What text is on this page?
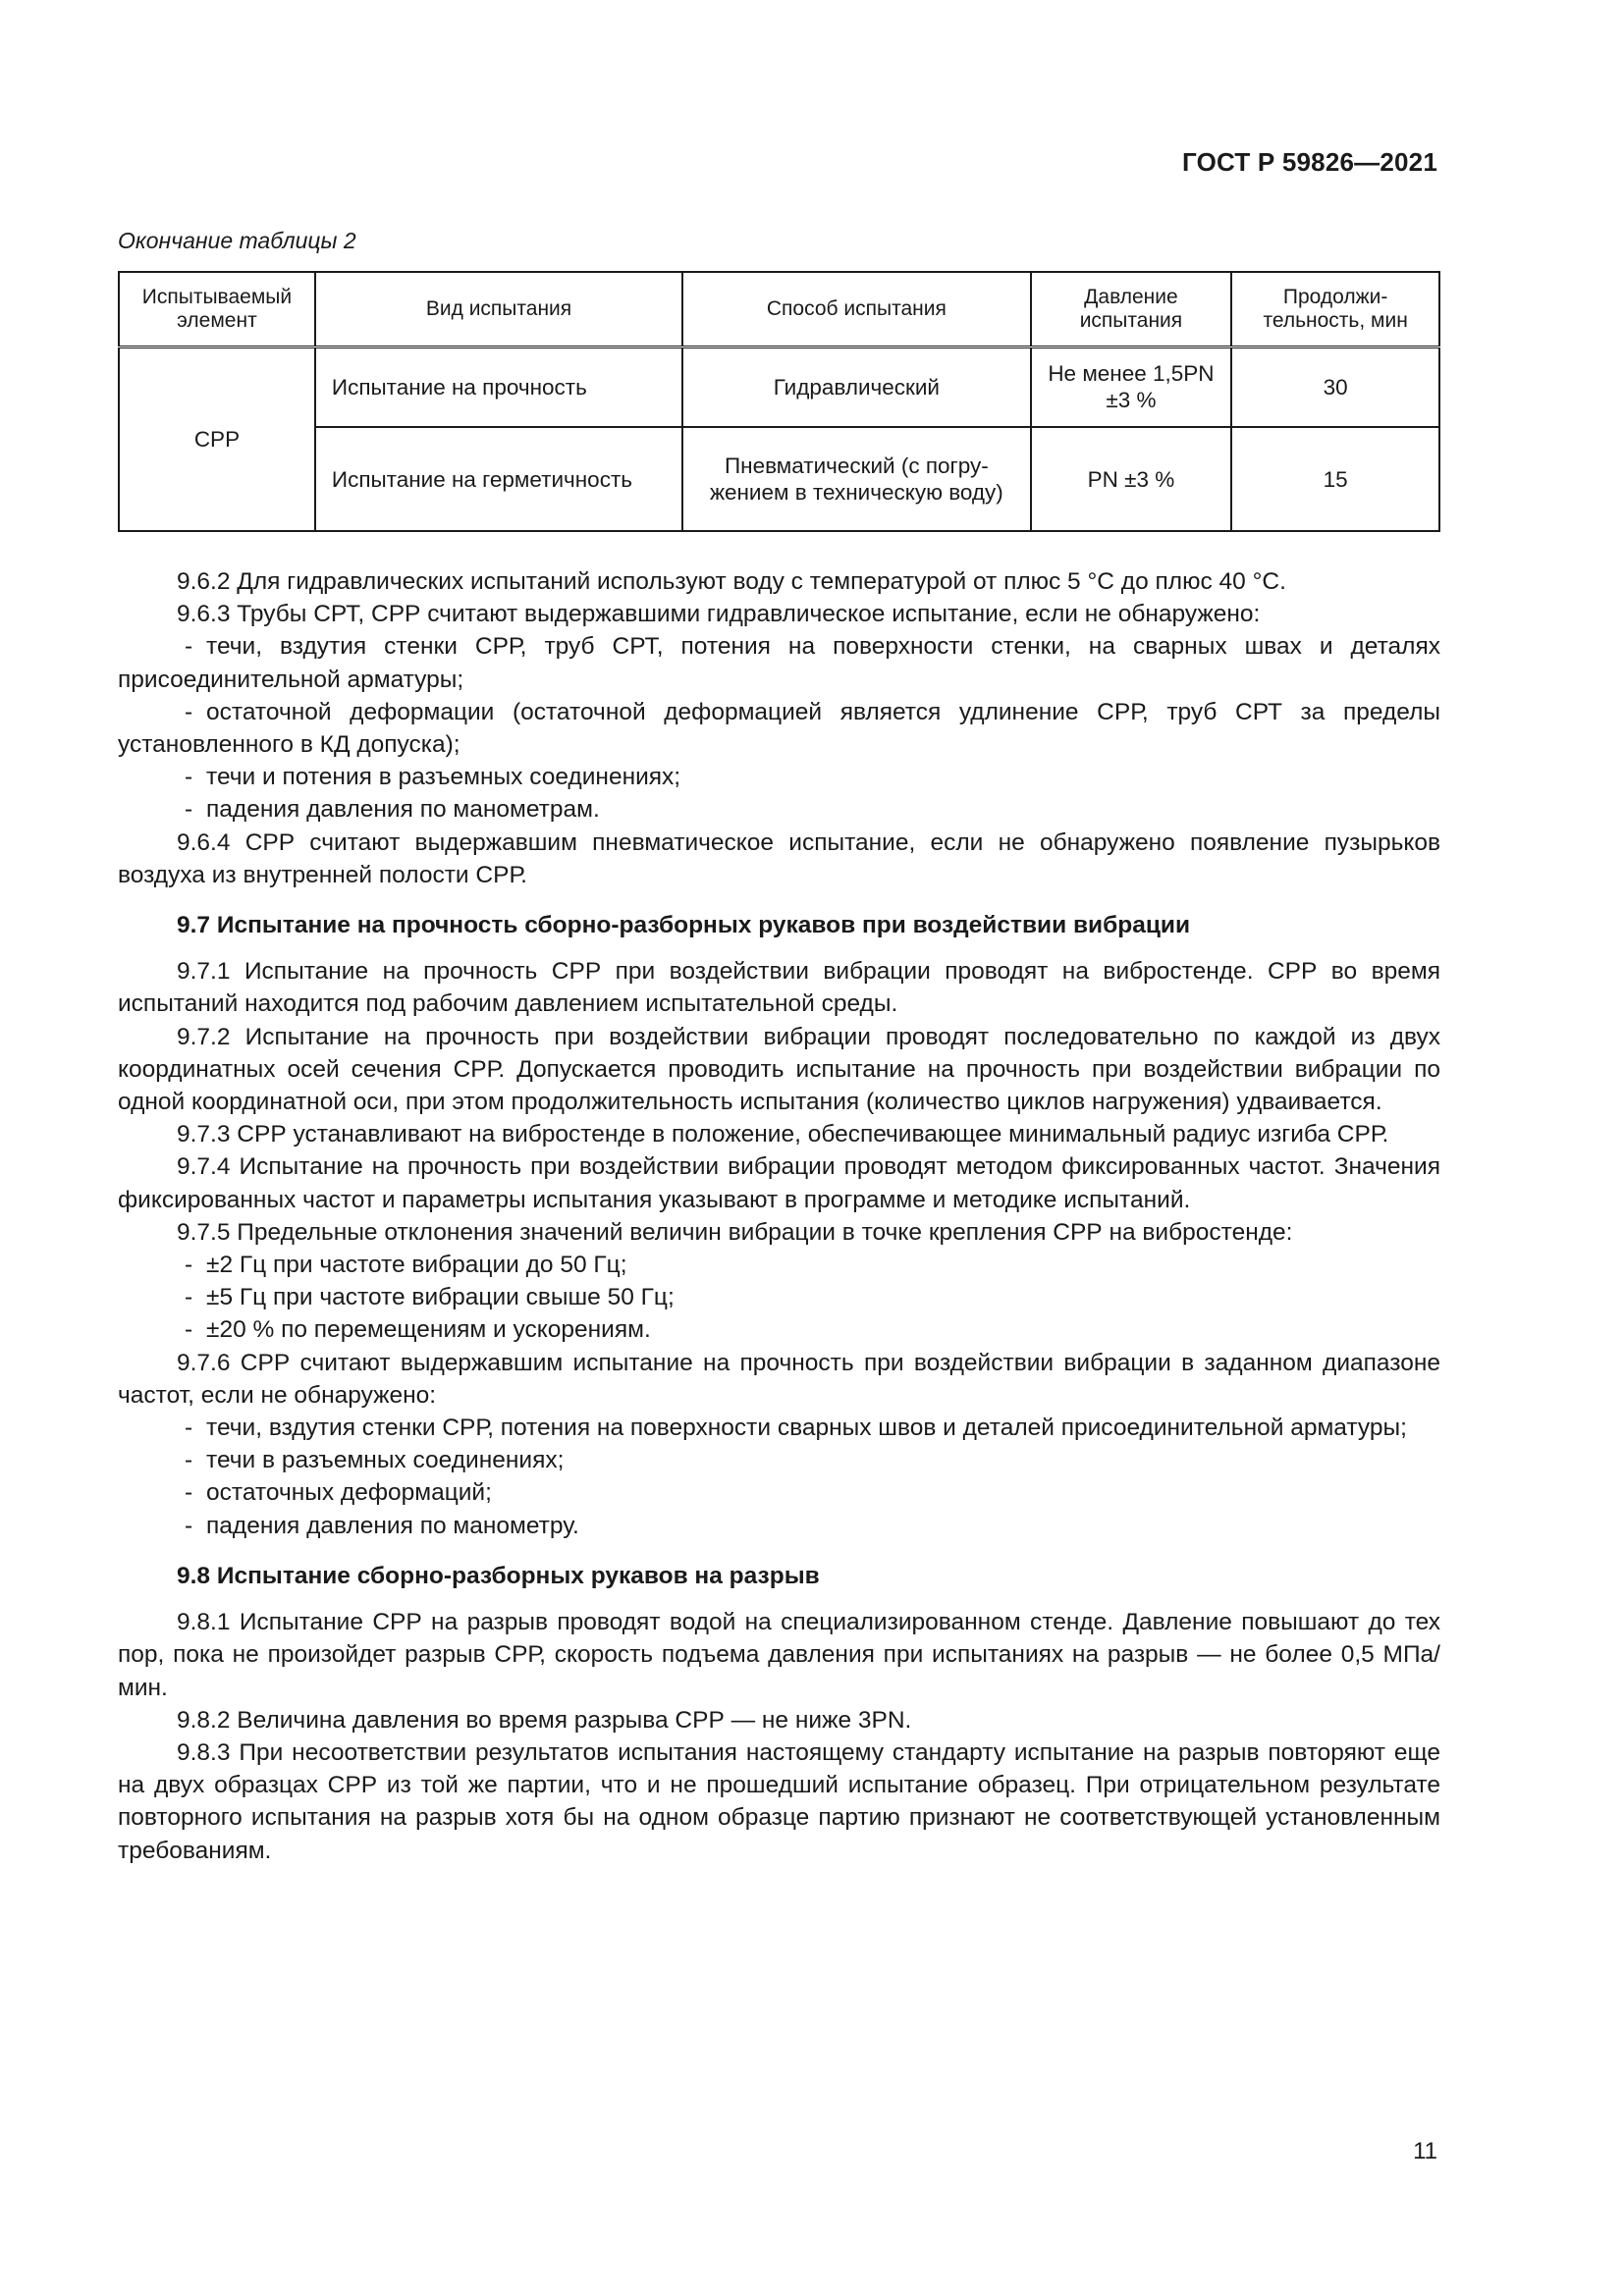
ГОСТ Р 59826—2021
Окончание таблицы 2
Испытываемый элемент	Вид испытания	Способ испытания	Давление испытания	Продолжи-тельность, мин
СРР	Испытание на прочность	Гидравлический	Не менее 1,5PN ±3 %	30
	Испытание на герметичность	Пневматический (с погру-жением в техническую воду)	PN ±3 %	15

9.6.2 Для гидравлических испытаний используют воду с температурой от плюс 5 °С до плюс 40 °С.

9.6.3 Трубы СРТ, СРР считают выдержавшими гидравлическое испытание, если не обнаружено:

- течи, вздутия стенки СРР, труб СРТ, потения на поверхности стенки, на сварных швах и деталях присоединительной арматуры;

- остаточной деформации (остаточной деформацией является удлинение СРР, труб СРТ за пределы установленного в КД допуска);

- течи и потения в разъемных соединениях;

- падения давления по манометрам.

9.6.4 СРР считают выдержавшим пневматическое испытание, если не обнаружено появление пузырьков воздуха из внутренней полости СРР.

9.7 Испытание на прочность сборно-разборных рукавов при воздействии вибрации

9.7.1 Испытание на прочность СРР при воздействии вибрации проводят на вибростенде. СРР во время испытаний находится под рабочим давлением испытательной среды.

9.7.2 Испытание на прочность при воздействии вибрации проводят последовательно по каждой из двух координатных осей сечения СРР. Допускается проводить испытание на прочность при воздействии вибрации по одной координатной оси, при этом продолжительность испытания (количество циклов нагружения) удваивается.

9.7.3 СРР устанавливают на вибростенде в положение, обеспечивающее минимальный радиус изгиба СРР.

9.7.4 Испытание на прочность при воздействии вибрации проводят методом фиксированных частот. Значения фиксированных частот и параметры испытания указывают в программе и методике испытаний.

9.7.5 Предельные отклонения значений величин вибрации в точке крепления СРР на вибростенде:

- ±2 Гц при частоте вибрации до 50 Гц;

- ±5 Гц при частоте вибрации свыше 50 Гц;

- ±20 % по перемещениям и ускорениям.

9.7.6 СРР считают выдержавшим испытание на прочность при воздействии вибрации в заданном диапазоне частот, если не обнаружено:

- течи, вздутия стенки СРР, потения на поверхности сварных швов и деталей присоединительной арматуры;

- течи в разъемных соединениях;

- остаточных деформаций;

- падения давления по манометру.

9.8 Испытание сборно-разборных рукавов на разрыв

9.8.1 Испытание СРР на разрыв проводят водой на специализированном стенде. Давление повышают до тех пор, пока не произойдет разрыв СРР, скорость подъема давления при испытаниях на разрыв — не более 0,5 МПа/мин.

9.8.2 Величина давления во время разрыва СРР — не ниже 3PN.

9.8.3 При несоответствии результатов испытания настоящему стандарту испытание на разрыв повторяют еще на двух образцах СРР из той же партии, что и не прошедший испытание образец. При отрицательном результате повторного испытания на разрыв хотя бы на одном образце партию признают не соответствующей установленным требованиям.

11
